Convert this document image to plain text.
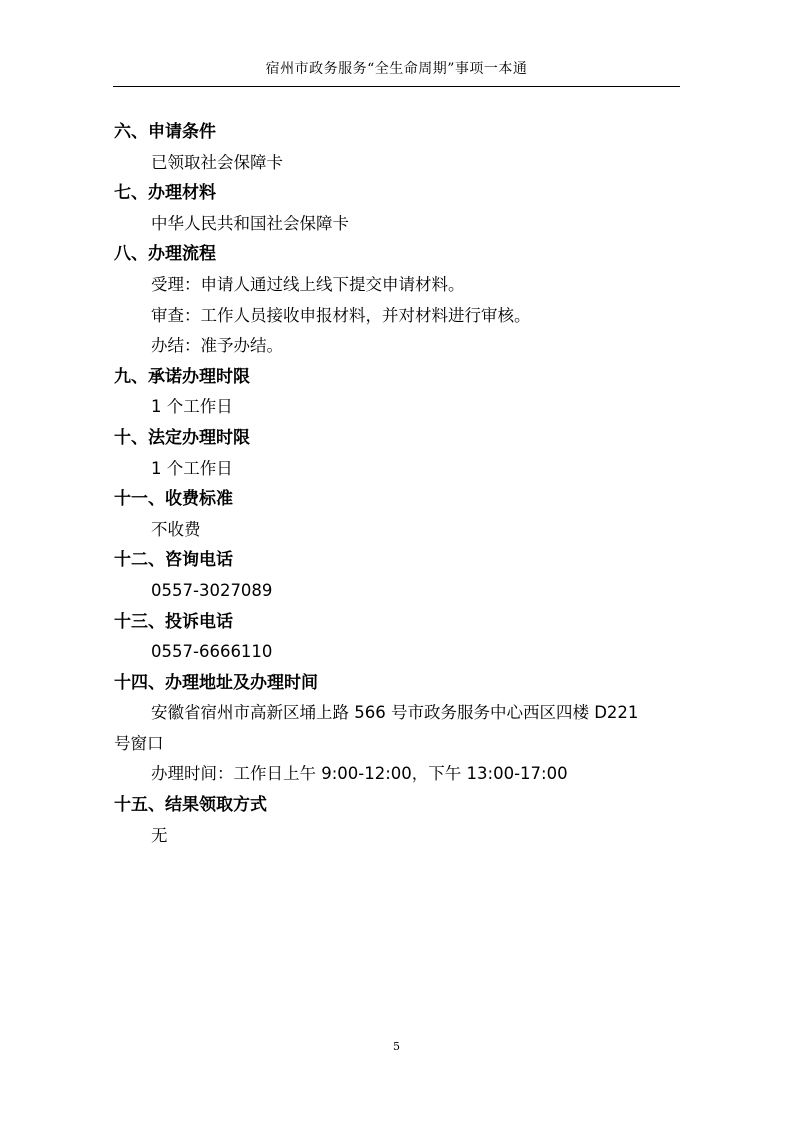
宿州市政务服务“全生命周期”事项一本通
六、申请条件
已领取社会保障卡
七、办理材料
中华人民共和国社会保障卡
八、办理流程
受理：申请人通过线上线下提交申请材料。
审查：工作人员接收申报材料，并对材料进行审核。
办结：准予办结。
九、承诺办理时限
1 个工作日
十、法定办理时限
1 个工作日
十一、收费标准
不收费
十二、咨询电话
0557-3027089
十三、投诉电话
0557-6666110
十四、办理地址及办理时间
安徽省宿州市高新区埇上路 566 号市政务服务中心西区四楼 D221
号窗口
办理时间：工作日上午 9:00-12:00，下午 13:00-17:00
十五、结果领取方式
无
5
